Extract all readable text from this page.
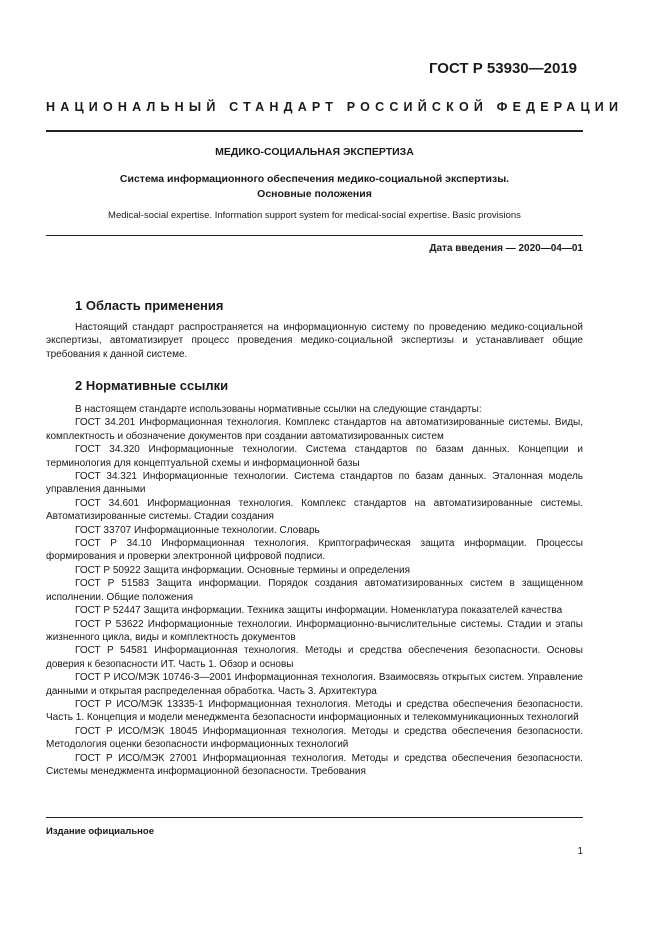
ГОСТ Р 53930—2019
НАЦИОНАЛЬНЫЙ СТАНДАРТ РОССИЙСКОЙ ФЕДЕРАЦИИ
МЕДИКО-СОЦИАЛЬНАЯ ЭКСПЕРТИЗА
Система информационного обеспечения медико-социальной экспертизы.
Основные положения
Medical-social expertise. Information support system for medical-social expertise. Basic provisions
Дата введения — 2020—04—01
1 Область применения

Настоящий стандарт распространяется на информационную систему по проведению медико-социальной экспертизы, автоматизирует процесс проведения медико-социальной экспертизы и устанавливает общие требования к данной системе.

2 Нормативные ссылки

В настоящем стандарте использованы нормативные ссылки на следующие стандарты:

ГОСТ 34.201 Информационная технология. Комплекс стандартов на автоматизированные системы. Виды, комплектность и обозначение документов при создании автоматизированных систем

ГОСТ 34.320 Информационные технологии. Система стандартов по базам данных. Концепции и терминология для концептуальной схемы и информационной базы

ГОСТ 34.321 Информационные технологии. Система стандартов по базам данных. Эталонная модель управления данными

ГОСТ 34.601 Информационная технология. Комплекс стандартов на автоматизированные системы. Автоматизированные системы. Стадии создания

ГОСТ 33707 Информационные технологии. Словарь

ГОСТ Р 34.10 Информационная технология. Криптографическая защита информации. Процессы формирования и проверки электронной цифровой подписи.

ГОСТ Р 50922 Защита информации. Основные термины и определения

ГОСТ Р 51583 Защита информации. Порядок создания автоматизированных систем в защищенном исполнении. Общие положения

ГОСТ Р 52447 Защита информации. Техника защиты информации. Номенклатура показателей качества

ГОСТ Р 53622 Информационные технологии. Информационно-вычислительные системы. Стадии и этапы жизненного цикла, виды и комплектность документов

ГОСТ Р 54581 Информационная технология. Методы и средства обеспечения безопасности. Основы доверия к безопасности ИТ. Часть 1. Обзор и основы

ГОСТ Р ИСО/МЭК 10746-3—2001 Информационная технология. Взаимосвязь открытых систем. Управление данными и открытая распределенная обработка. Часть 3. Архитектура

ГОСТ Р ИСО/МЭК 13335-1 Информационная технология. Методы и средства обеспечения безопасности. Часть 1. Концепция и модели менеджмента безопасности информационных и телекоммуникационных технологий

ГОСТ Р ИСО/МЭК 18045 Информационная технология. Методы и средства обеспечения безопасности. Методология оценки безопасности информационных технологий

ГОСТ Р ИСО/МЭК 27001 Информационная технология. Методы и средства обеспечения безопасности. Системы менеджмента информационной безопасности. Требования

Издание официальное
1
